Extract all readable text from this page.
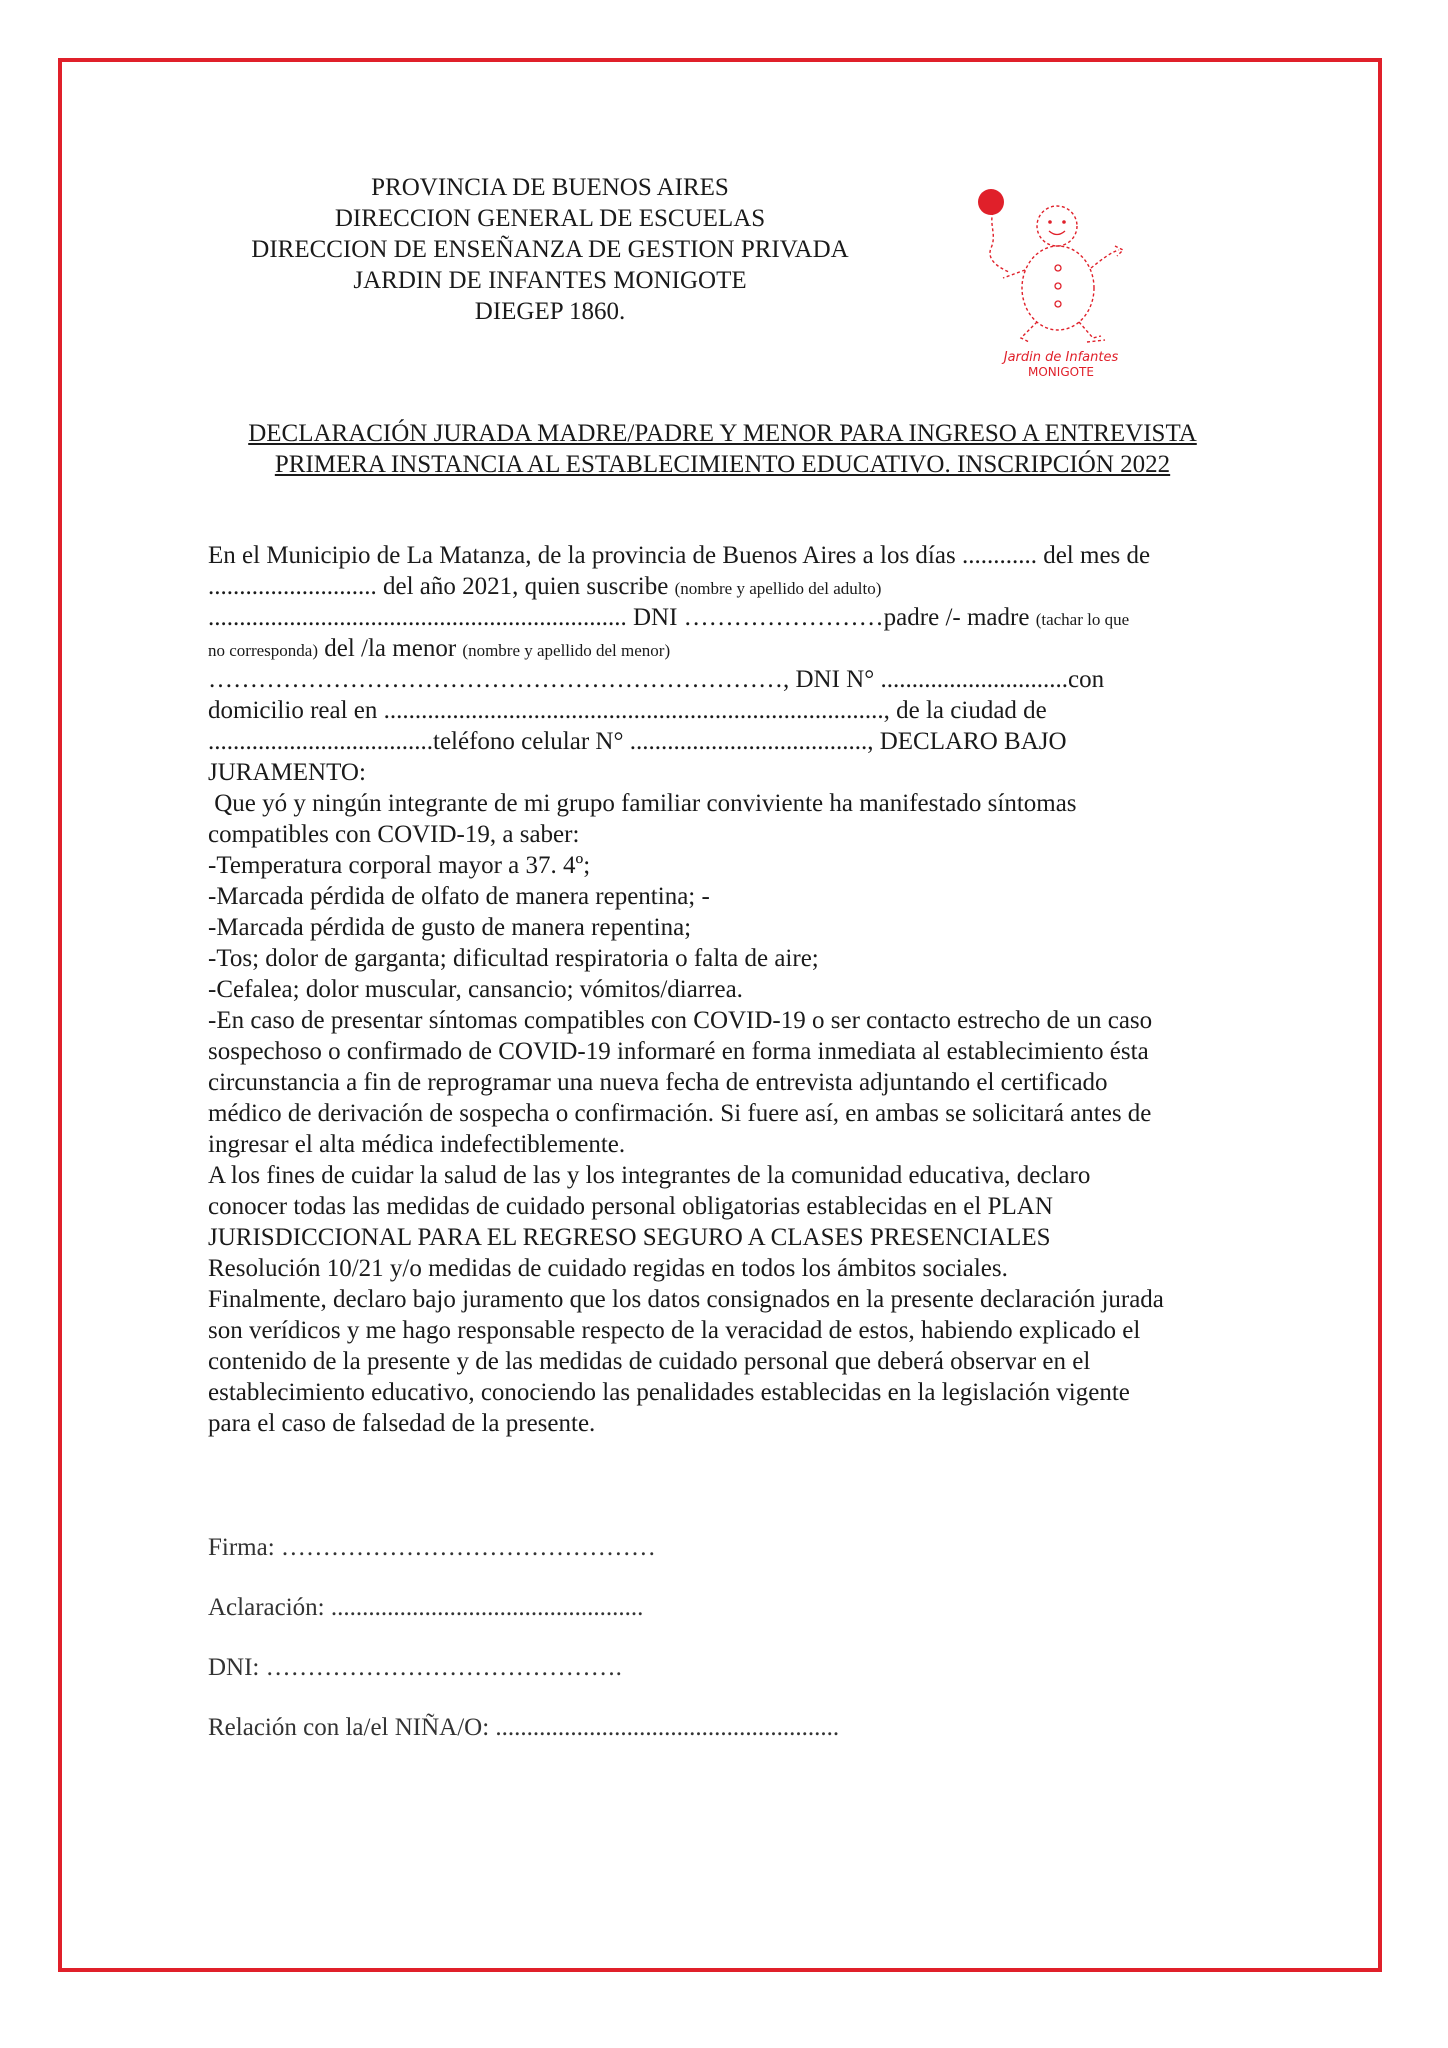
PROVINCIA DE BUENOS AIRES
DIRECCION GENERAL DE ESCUELAS
DIRECCION DE ENSEÑANZA DE GESTION PRIVADA
JARDIN DE INFANTES MONIGOTE
DIEGEP 1860.
Jardin de Infantes
MONIGOTE
DECLARACIÓN JURADA MADRE/PADRE Y MENOR PARA INGRESO A ENTREVISTA
PRIMERA INSTANCIA AL ESTABLECIMIENTO EDUCATIVO. INSCRIPCIÓN 2022
En el Municipio de La Matanza, de la provincia de Buenos Aires a los días ............ del mes de
........................... del año 2021, quien suscribe (nombre y apellido del adulto)
................................................................... DNI ……………………padre /- madre (tachar lo que
no corresponda) del /la menor (nombre y apellido del menor)
……………………………………………………………, DNI N° ..............................con
domicilio real en ................................................................................, de la ciudad de
....................................teléfono celular N° ......................................, DECLARO BAJO
JURAMENTO:
Que yó y ningún integrante de mi grupo familiar conviviente ha manifestado síntomas
compatibles con COVID-19, a saber:
-Temperatura corporal mayor a 37. 4º;
-Marcada pérdida de olfato de manera repentina; -
-Marcada pérdida de gusto de manera repentina;
-Tos; dolor de garganta; dificultad respiratoria o falta de aire;
-Cefalea; dolor muscular, cansancio; vómitos/diarrea.
-En caso de presentar síntomas compatibles con COVID-19 o ser contacto estrecho de un caso
sospechoso o confirmado de COVID-19 informaré en forma inmediata al establecimiento ésta
circunstancia a fin de reprogramar una nueva fecha de entrevista adjuntando el certificado
médico de derivación de sospecha o confirmación. Si fuere así, en ambas se solicitará antes de
ingresar el alta médica indefectiblemente.
A los fines de cuidar la salud de las y los integrantes de la comunidad educativa, declaro
conocer todas las medidas de cuidado personal obligatorias establecidas en el PLAN
JURISDICCIONAL PARA EL REGRESO SEGURO A CLASES PRESENCIALES
Resolución 10/21 y/o medidas de cuidado regidas en todos los ámbitos sociales.
Finalmente, declaro bajo juramento que los datos consignados en la presente declaración jurada
son verídicos y me hago responsable respecto de la veracidad de estos, habiendo explicado el
contenido de la presente y de las medidas de cuidado personal que deberá observar en el
establecimiento educativo, conociendo las penalidades establecidas en la legislación vigente
para el caso de falsedad de la presente.
Firma: ………………………………………
Aclaración: ..................................................
DNI: …………………………………….
Relación con la/el NIÑA/O: .......................................................
